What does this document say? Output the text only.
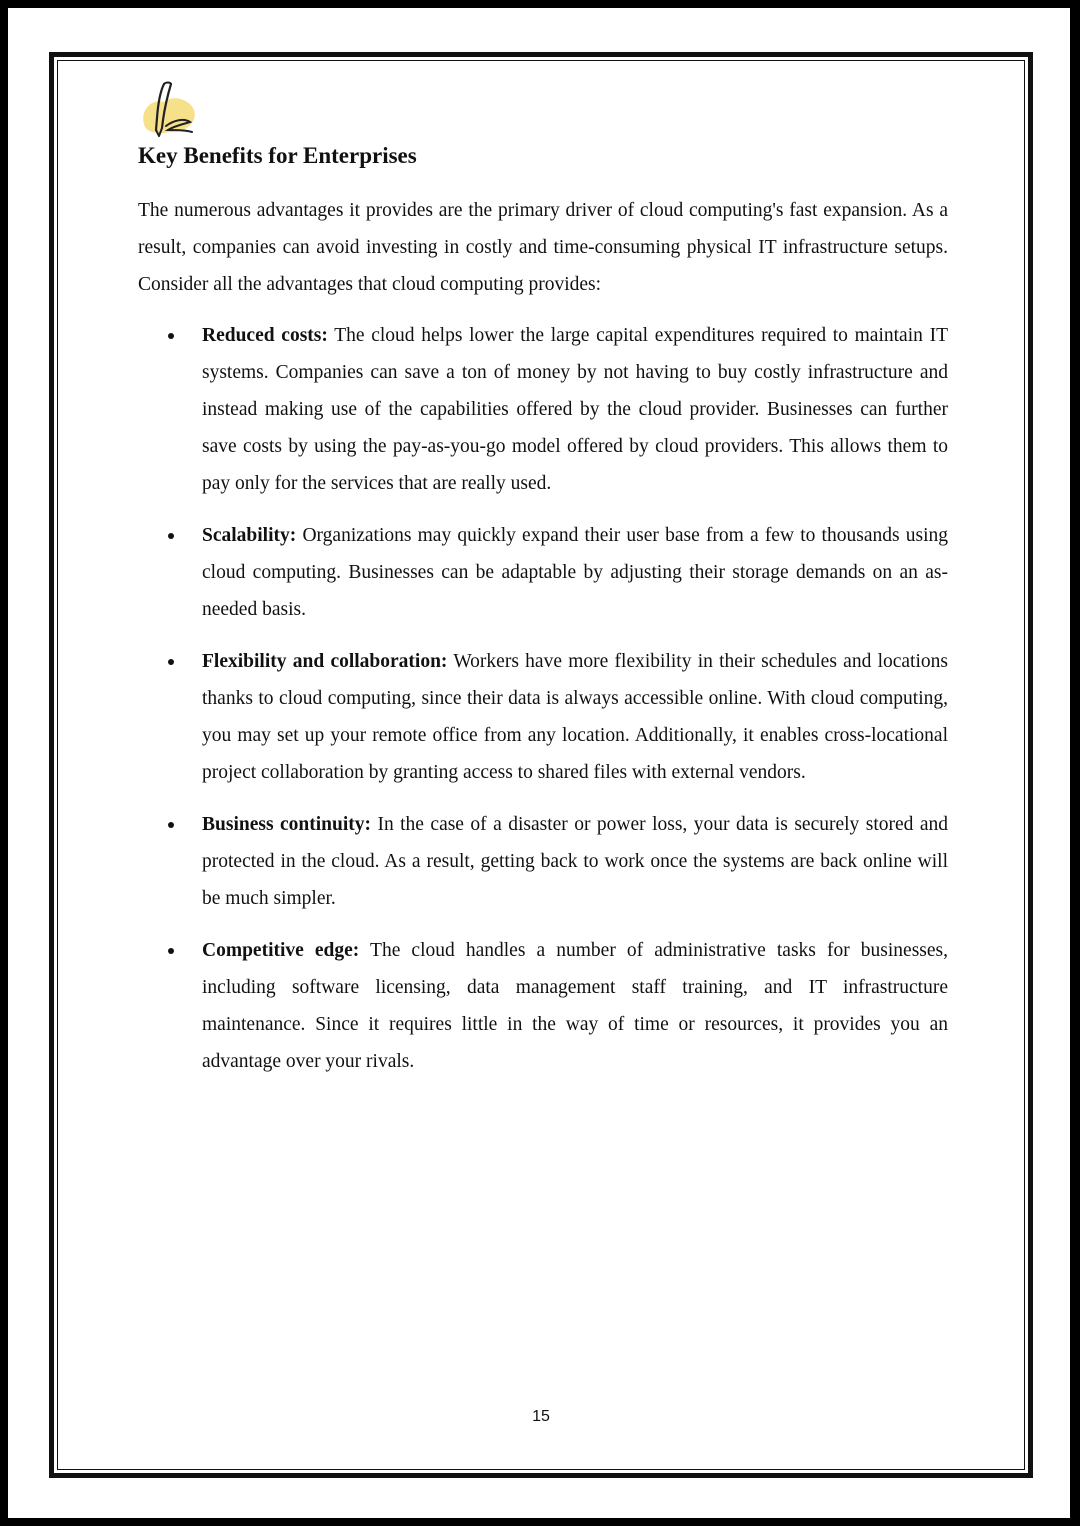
Key Benefits for Enterprises

The numerous advantages it provides are the primary driver of cloud computing's fast expansion. As a result, companies can avoid investing in costly and time-consuming physical IT infrastructure setups. Consider all the advantages that cloud computing provides:

Reduced costs: The cloud helps lower the large capital expenditures required to maintain IT systems. Companies can save a ton of money by not having to buy costly infrastructure and instead making use of the capabilities offered by the cloud provider. Businesses can further save costs by using the pay-as-you-go model offered by cloud providers. This allows them to pay only for the services that are really used.
Scalability: Organizations may quickly expand their user base from a few to thousands using cloud computing. Businesses can be adaptable by adjusting their storage demands on an as-needed basis.
Flexibility and collaboration: Workers have more flexibility in their schedules and locations thanks to cloud computing, since their data is always accessible online. With cloud computing, you may set up your remote office from any location. Additionally, it enables cross-locational project collaboration by granting access to shared files with external vendors.
Business continuity: In the case of a disaster or power loss, your data is securely stored and protected in the cloud. As a result, getting back to work once the systems are back online will be much simpler.
Competitive edge: The cloud handles a number of administrative tasks for businesses, including software licensing, data management staff training, and IT infrastructure maintenance. Since it requires little in the way of time or resources, it provides you an advantage over your rivals.
15
